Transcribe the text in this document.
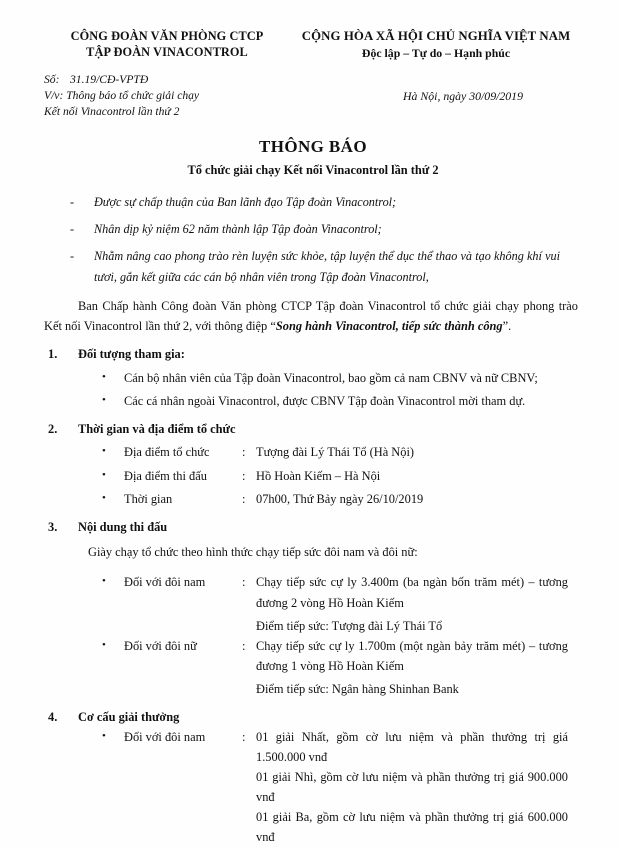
CÔNG ĐOÀN VĂN PHÒNG CTCP
TẬP ĐOÀN VINACONTROL
CỘNG HÒA XÃ HỘI CHỦ NGHĨA VIỆT NAM
Độc lập – Tự do – Hạnh phúc
Số: 31.19/CĐ-VPTĐ
V/v: Thông báo tổ chức giải chạy
Kết nối Vinacontrol lần thứ 2
Hà Nội, ngày 30/09/2019
THÔNG BÁO
Tổ chức giải chạy Kết nối Vinacontrol lần thứ 2
-	Được sự chấp thuận của Ban lãnh đạo Tập đoàn Vinacontrol;
-	Nhân dịp kỷ niệm 62 năm thành lập Tập đoàn Vinacontrol;
-	Nhằm nâng cao phong trào rèn luyện sức khỏe, tập luyện thể dục thể thao và tạo không khí vui tươi, gắn kết giữa các cán bộ nhân viên trong Tập đoàn Vinacontrol,
Ban Chấp hành Công đoàn Văn phòng CTCP Tập đoàn Vinacontrol tổ chức giải chạy phong trào Kết nối Vinacontrol lần thứ 2, với thông điệp “Song hành Vinacontrol, tiếp sức thành công”.
1.	Đối tượng tham gia:
•	Cán bộ nhân viên của Tập đoàn Vinacontrol, bao gồm cả nam CBNV và nữ CBNV;
•	Các cá nhân ngoài Vinacontrol, được CBNV Tập đoàn Vinacontrol mời tham dự.
2.	Thời gian và địa điểm tổ chức
•	Địa điểm tổ chức	: Tượng đài Lý Thái Tổ (Hà Nội)
•	Địa điểm thi đấu	: Hồ Hoàn Kiếm – Hà Nội
•	Thời gian	: 07h00, Thứ Bảy ngày 26/10/2019
3.	Nội dung thi đấu
Giày chạy tổ chức theo hình thức chạy tiếp sức đôi nam và đôi nữ:
•	Đối với đôi nam	: Chạy tiếp sức cự ly 3.400m (ba ngàn bốn trăm mét) – tương
đương 2 vòng Hồ Hoàn Kiếm
Điểm tiếp sức: Tượng đài Lý Thái Tổ
•	Đối với đôi nữ	: Chạy tiếp sức cự ly 1.700m (một ngàn bảy trăm mét) – tương
đương 1 vòng Hồ Hoàn Kiếm
Điểm tiếp sức: Ngân hàng Shinhan Bank
4.	Cơ cấu giải thưởng
•	Đối với đôi nam	: 01 giải Nhất, gồm cờ lưu niệm và phần thưởng trị giá 1.500.000 vnđ
01 giải Nhì, gồm cờ lưu niệm và phần thưởng trị giá 900.000 vnđ
01 giải Ba, gồm cờ lưu niệm và phần thưởng trị giá 600.000 vnđ
